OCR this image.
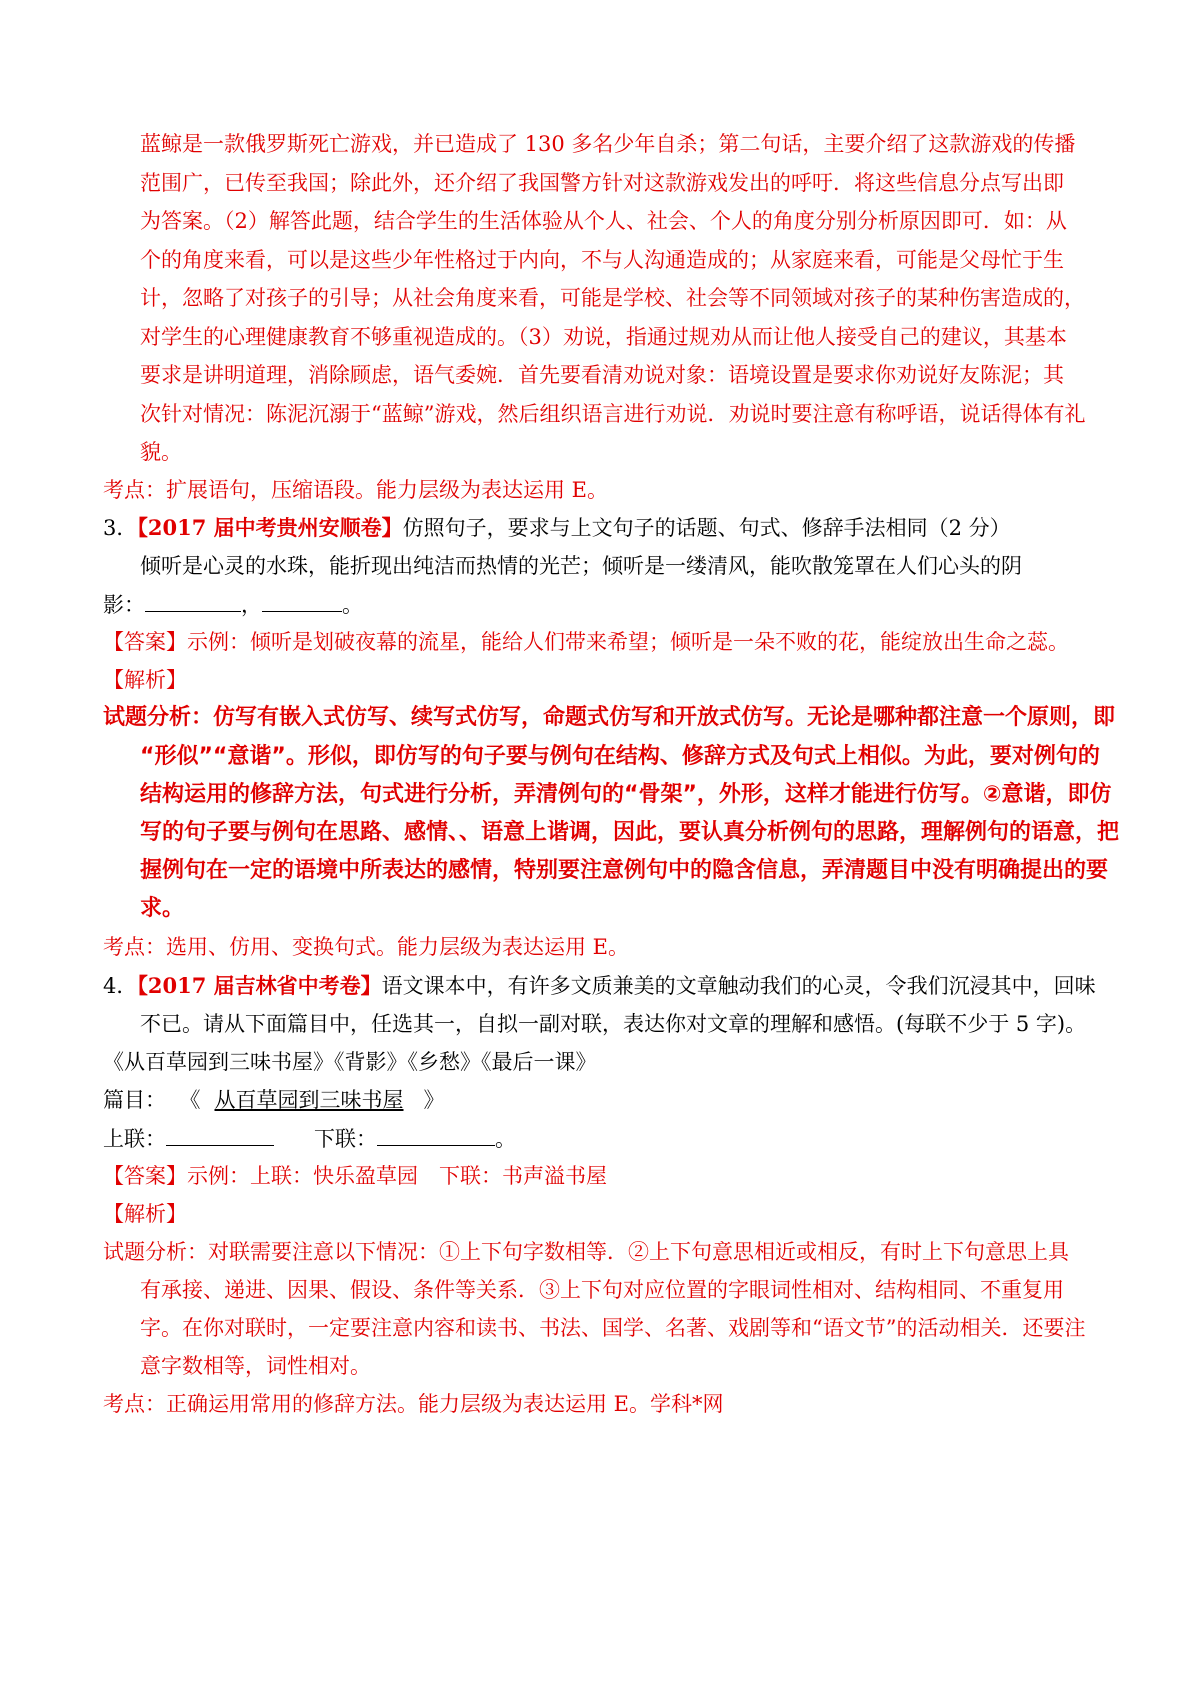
蓝鲸是一款俄罗斯死亡游戏，并已造成了 130 多名少年自杀；第二句话，主要介绍了这款游戏的传播
范围广，已传至我国；除此外，还介绍了我国警方针对这款游戏发出的呼吁．将这些信息分点写出即
为答案。（2）解答此题，结合学生的生活体验从个人、社会、个人的角度分别分析原因即可．如：从
个的角度来看，可以是这些少年性格过于内向，不与人沟通造成的；从家庭来看，可能是父母忙于生
计，忽略了对孩子的引导；从社会角度来看，可能是学校、社会等不同领域对孩子的某种伤害造成的，
对学生的心理健康教育不够重视造成的。（3）劝说，指通过规劝从而让他人接受自己的建议，其基本
要求是讲明道理，消除顾虑，语气委婉．首先要看清劝说对象：语境设置是要求你劝说好友陈泥；其
次针对情况：陈泥沉溺于“蓝鲸”游戏，然后组织语言进行劝说．劝说时要注意有称呼语，说话得体有礼
貌。
考点：扩展语句，压缩语段。能力层级为表达运用 E。
3．【2017 届中考贵州安顺卷】仿照句子，要求与上文句子的话题、句式、修辞手法相同（2 分）
倾听是心灵的水珠，能折现出纯洁而热情的光芒；倾听是一缕清风，能吹散笼罩在人们心头的阴
影：	，	。
【答案】示例：倾听是划破夜幕的流星，能给人们带来希望；倾听是一朵不败的花，能绽放出生命之蕊。
【解析】
试题分析：仿写有嵌入式仿写、续写式仿写，命题式仿写和开放式仿写。无论是哪种都注意一个原则，即
“形似”“意谐”。形似，即仿写的句子要与例句在结构、修辞方式及句式上相似。为此，要对例句的
结构运用的修辞方法，句式进行分析，弄清例句的“骨架”，外形，这样才能进行仿写。②意谐，即仿
写的句子要与例句在思路、感情、、语意上谐调，因此，要认真分析例句的思路，理解例句的语意，把
握例句在一定的语境中所表达的感情，特别要注意例句中的隐含信息，弄清题目中没有明确提出的要
求。
考点：选用、仿用、变换句式。能力层级为表达运用 E。
4．【2017 届吉林省中考卷】语文课本中，有许多文质兼美的文章触动我们的心灵，令我们沉浸其中，回味
不已。请从下面篇目中，任选其一，自拟一副对联，表达你对文章的理解和感悟。(每联不少于 5 字)。
《从百草园到三味书屋》《背影》《乡愁》《最后一课》
篇目： 《 从百草园到三味书屋 》
上联：	下联：	。
【答案】示例：上联：快乐盈草园　下联：书声溢书屋
【解析】
试题分析：对联需要注意以下情况：①上下句字数相等．②上下句意思相近或相反，有时上下句意思上具
有承接、递进、因果、假设、条件等关系．③上下句对应位置的字眼词性相对、结构相同、不重复用
字。在你对联时，一定要注意内容和读书、书法、国学、名著、戏剧等和“语文节”的活动相关．还要注
意字数相等，词性相对。
考点：正确运用常用的修辞方法。能力层级为表达运用 E。学科*网
